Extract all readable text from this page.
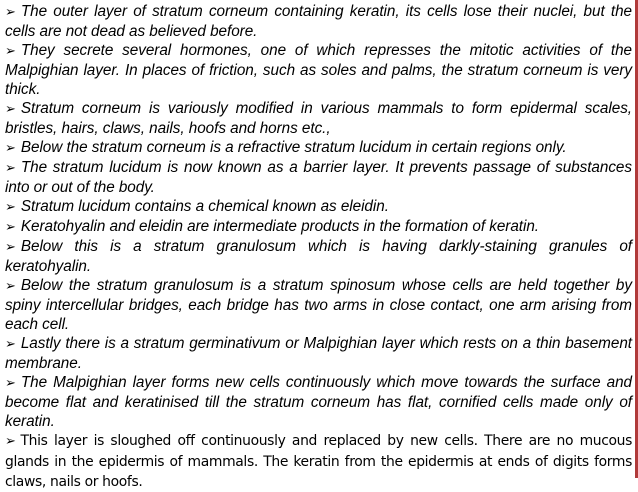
➢ The outer layer of stratum corneum containing keratin, its cells lose their nuclei, but the cells are not dead as believed before.

➢ They secrete several hormones, one of which represses the mitotic activities of the Malpighian layer. In places of friction, such as soles and palms, the stratum corneum is very thick.

➢ Stratum corneum is variously modified in various mammals to form epidermal scales, bristles, hairs, claws, nails, hoofs and horns etc.,

➢ Below the stratum corneum is a refractive stratum lucidum in certain regions only.

➢ The stratum lucidum is now known as a barrier layer. It prevents passage of substances into or out of the body.

➢ Stratum lucidum contains a chemical known as eleidin.

➢ Keratohyalin and eleidin are intermediate products in the formation of keratin.

➢ Below this is a stratum granulosum which is having darkly-staining granules of keratohyalin.

➢ Below the stratum granulosum is a stratum spinosum whose cells are held together by spiny intercellular bridges, each bridge has two arms in close contact, one arm arising from each cell.

➢ Lastly there is a stratum germinativum or Malpighian layer which rests on a thin basement membrane.

➢ The Malpighian layer forms new cells continuously which move towards the surface and become flat and keratinised till the stratum corneum has flat, cornified cells made only of keratin.

➢ This layer is sloughed off continuously and replaced by new cells. There are no mucous glands in the epidermis of mammals. The keratin from the epidermis at ends of digits forms claws, nails or hoofs.
